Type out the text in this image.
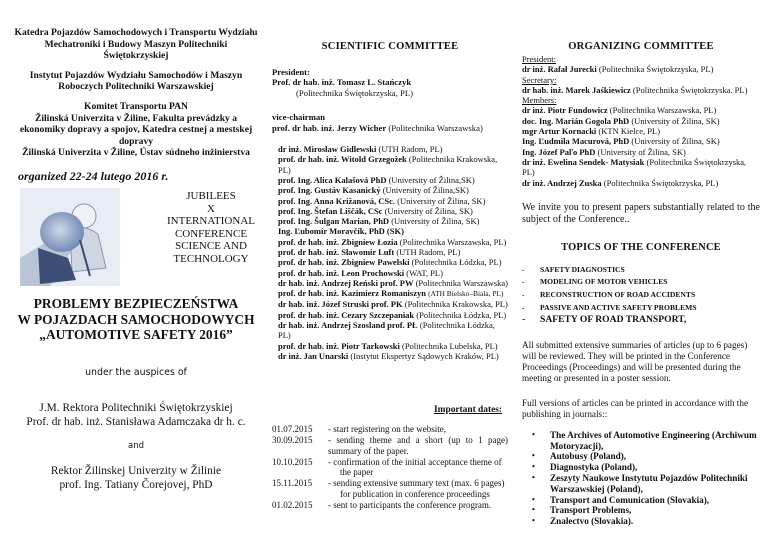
Katedra Pojazdów Samochodowych i Transportu Wydziału Mechatroniki i Budowy Maszyn Politechniki Świętokrzyskiej

Instytut Pojazdów Wydziału Samochodów i Maszyn Roboczych Politechniki Warszawskiej

Komitet Transportu PAN

Žilinská Univerzita v Žiline, Fakulta prevádzky a ekonomiky dopravy a spojov, Katedra cestnej a mestskej dopravy

Žilinská Univerzita v Žiline, Ústav súdneho inžinierstva

organized 22-24 lutego 2016 r.

JUBILEES
X
INTERNATIONAL
CONFERENCE
SCIENCE AND
TECHNOLOGY
PROBLEMY BEZPIECZEŃSTWA
W POJAZDACH SAMOCHODOWYCH
„AUTOMOTIVE SAFETY 2016”

under the auspices of

J.M. Rektora Politechniki Świętokrzyskiej
Prof. dr hab. inż. Stanisława Adamczaka dr h. c.

and

Rektor Žilinskej Univerzity w Žilinie
prof. Ing. Tatiany Čorejovej, PhD

SCIENTIFIC COMMITTEE

President:
Prof. dr hab. inż. Tomasz L. Stańczyk
(Politechnika Świętokrzyska, PL)
vice-chairman
prof. dr hab. inż. Jerzy Wicher (Politechnika Warszawska)
dr inż. Mirosław Gidlewski (UTH Radom, PL)
prof. dr hab. inż. Witold Grzegożek (Politechnika Krakowska, PL)
prof. Ing. Alica Kalašová PhD (University of Žilina,SK)
prof. Ing. Gustáv Kasanický (University of Žilina,SK)
prof. Ing. Anna Križanová, CSc. (University of Žilina, SK)
prof. Ing. Štefan Liščák, CSc (University of Žilina, SK)
prof. Ing. Šulgan Marian, PhD (University of Žilina, SK)
Ing. Ľubomír Moravčík, PhD (SK)
prof. dr hab. inż. Zbigniew Łozia (Politechnika Warszawska, PL)
prof. dr hab. inż. Sławomir Luft (UTH Radom, PL)
prof. dr hab. inż. Zbigniew Pawelski (Politechnika Łódzka, PL)
prof. dr hab. inż. Leon Prochowski (WAT, PL)
dr hab. inż. Andrzej Reński prof. PW (Politechnika Warszawska)
prof. dr hab. inż. Kazimierz Romaniszyn (ATH Bielsko–Biała, PL)
dr hab. inż. Józef Struski prof. PK (Politechnika Krakowska, PL)
prof. dr hab. inż. Cezary Szczepaniak (Politechnika Łódzka, PL)
dr hab. inż. Andrzej Szosland prof. PŁ (Politechnika Łódzka, PL)
prof. dr hab. inż. Piotr Tarkowski (Politechnika Lubelska, PL)
dr inż. Jan Unarski (Instytut Ekspertyz Sądowych Kraków, PL)

Important dates:

01.07.2015	- start registering on the website,
30.09.2015	- sending theme and a short (up to 1 page) summary of the paper.
10.10.2015	- confirmation of the initial acceptance theme of
the paper
15.11.2015	- sending extensive summary text (max. 6 pages)
for publication in conference proceedings
01.02.2015	- sent to participants the conference program.

ORGANIZING COMMITTEE

President:
dr inż. Rafał Jurecki (Politechnika Świętokrzyska, PL)
Secretary:
dr hab. inż. Marek Jaśkiewicz (Politechnika Świętokrzyska. PL)
Members:
dr inż. Piotr Fundowicz (Politechnika Warszawska, PL)
doc. Ing. Marián Gogola PhD (University of Žilina, SK)
mgr Artur Kornacki (KTN Kielce, PL)
Ing. Ľudmila Macurová, PhD (University of Žilina, SK)
Ing. Józef Paľo PhD (University of Žilina, SK)
dr inż. Ewelina Sendek- Matysiak (Politechnika Świętokrzyska, PL)
dr inż. Andrzej Zuska (Politechnika Świętokrzyska, PL)

We invite you to present papers substantially related to the subject of the Conference..

TOPICS OF THE CONFERENCE

-	SAFETY DIAGNOSTICS
-	MODELING OF MOTOR VEHICLES
-	RECONSTRUCTION OF ROAD ACCIDENTS
-	PASSIVE AND ACTIVE SAFETY PROBLEMS
-	SAFETY OF ROAD TRANSPORT,

All submitted extensive summaries of articles (up to 6 pages) will be reviewed. They will be printed in the Conference Proceedings (Proceedings) and will be presented during the meeting or presented in a poster session.

Full versions of articles can be printed in accordance with the publishing in journals::

•	The Archives of Automotive Engineering (Archiwum Motoryzacji),
•	Autobusy (Poland),
•	Diagnostyka (Poland),
•	Zeszyty Naukowe Instytutu Pojazdów Politechniki Warszawskiej (Poland),
•	Transport and Comunication (Slovakia),
•	Transport Problems,
•	Znalectvo (Slovakia).
